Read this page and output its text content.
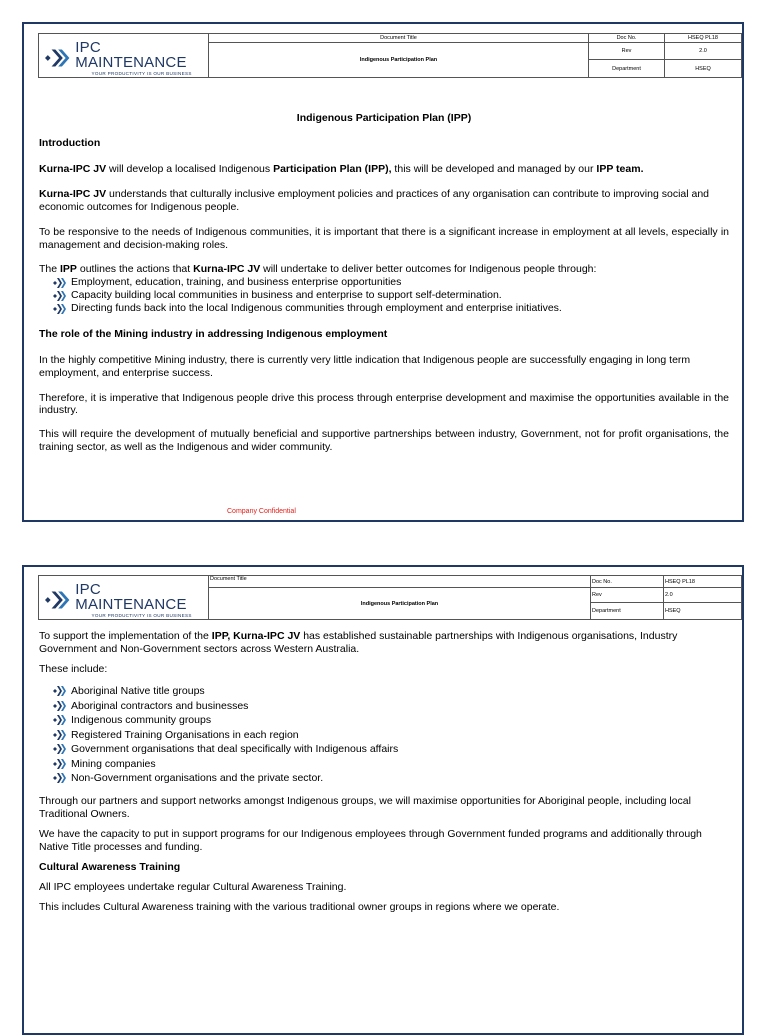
IPC MAINTENANCE
YOUR PRODUCTIVITY IS OUR BUSINESS	Document Title	Doc No.	HSEQ PL18
	Indigenous Participation Plan	Rev	2.0
		Department	HSEQ

Indigenous Participation Plan (IPP)

Introduction

Kurna-IPC JV will develop a localised Indigenous Participation Plan (IPP), this will be developed and managed by our IPP team.

Kurna-IPC JV understands that culturally inclusive employment policies and practices of any organisation can contribute to improving social and economic outcomes for Indigenous people.

To be responsive to the needs of Indigenous communities, it is important that there is a significant increase in employment at all levels, especially in management and decision-making roles.

The IPP outlines the actions that Kurna-IPC JV will undertake to deliver better outcomes for Indigenous people through:

Employment, education, training, and business enterprise opportunities
Capacity building local communities in business and enterprise to support self-determination.
Directing funds back into the local Indigenous communities through employment and enterprise initiatives.

The role of the Mining industry in addressing Indigenous employment

In the highly competitive Mining industry, there is currently very little indication that Indigenous people are successfully engaging in long term employment, and enterprise success.

Therefore, it is imperative that Indigenous people drive this process through enterprise development and maximise the opportunities available in the industry.

This will require the development of mutually beneficial and supportive partnerships between industry, Government, not for profit organisations, the training sector, as well as the Indigenous and wider community.

Company Confidential
IPC MAINTENANCE
YOUR PRODUCTIVITY IS OUR BUSINESS	Document Title	Doc No.	HSEQ PL18
	Indigenous Participation Plan	Rev	2.0
		Department	HSEQ

To support the implementation of the IPP, Kurna-IPC JV has established sustainable partnerships with Indigenous organisations, Industry Government and Non-Government sectors across Western Australia.

These include:

Aboriginal Native title groups
Aboriginal contractors and businesses
Indigenous community groups
Registered Training Organisations in each region
Government organisations that deal specifically with Indigenous affairs
Mining companies
Non-Government organisations and the private sector.

Through our partners and support networks amongst Indigenous groups, we will maximise opportunities for Aboriginal people, including local Traditional Owners.

We have the capacity to put in support programs for our Indigenous employees through Government funded programs and additionally through Native Title processes and funding.

Cultural Awareness Training

All IPC employees undertake regular Cultural Awareness Training.

This includes Cultural Awareness training with the various traditional owner groups in regions where we operate.
